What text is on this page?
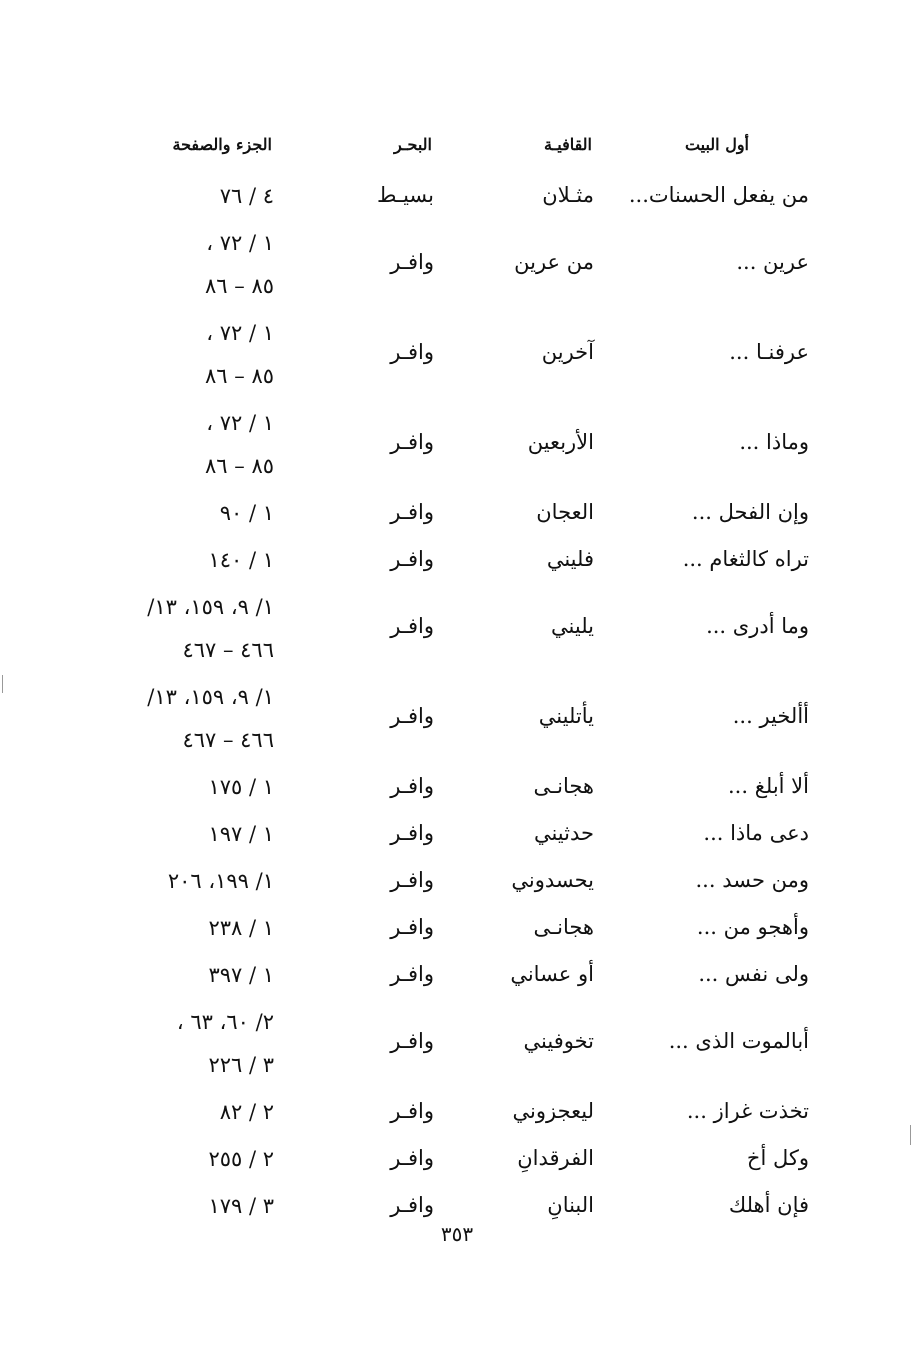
أول البيت
القافيـة
البحـر
الجزء والصفحة
من يفعل الحسنات...
مثـلان
بسيـط
٤ / ٧٦
عرين ...
من عرين
وافـر
١ / ٧٢ ،
٨٥ – ٨٦
عرفنـا ...
آخرين
وافـر
١ / ٧٢ ،
٨٥ – ٨٦
وماذا ...
الأربعين
وافـر
١ / ٧٢ ،
٨٥ – ٨٦
وإن الفحل ...
العجان
وافـر
١ / ٩٠
تراه كالثغام ...
فليني
وافـر
١ / ١٤٠
وما أدرى ...
يليني
وافـر
١/ ٩، ١٥٩، ١٣/
٤٦٦ – ٤٦٧
أألخير ...
يأتليني
وافـر
١/ ٩، ١٥٩، ١٣/
٤٦٦ – ٤٦٧
ألا أبلغ ...
هجانـى
وافـر
١ / ١٧٥
دعى ماذا ...
حدثيني
وافـر
١ / ١٩٧
ومن حسد ...
يحسدوني
وافـر
١/ ١٩٩، ٢٠٦
وأهجو من ...
هجانـى
وافـر
١ / ٢٣٨
ولى نفس ...
أو عساني
وافـر
١ / ٣٩٧
أبالموت الذى ...
تخوفيني
وافـر
٢/ ٦٠، ٦٣ ،
٣ / ٢٢٦
تخذت غراز ...
ليعجزوني
وافـر
٢ / ٨٢
وكل أخ
الفرقدانِ
وافـر
٢ / ٢٥٥
فإن أهلك
البنانِ
وافـر
٣ / ١٧٩
٣٥٣
